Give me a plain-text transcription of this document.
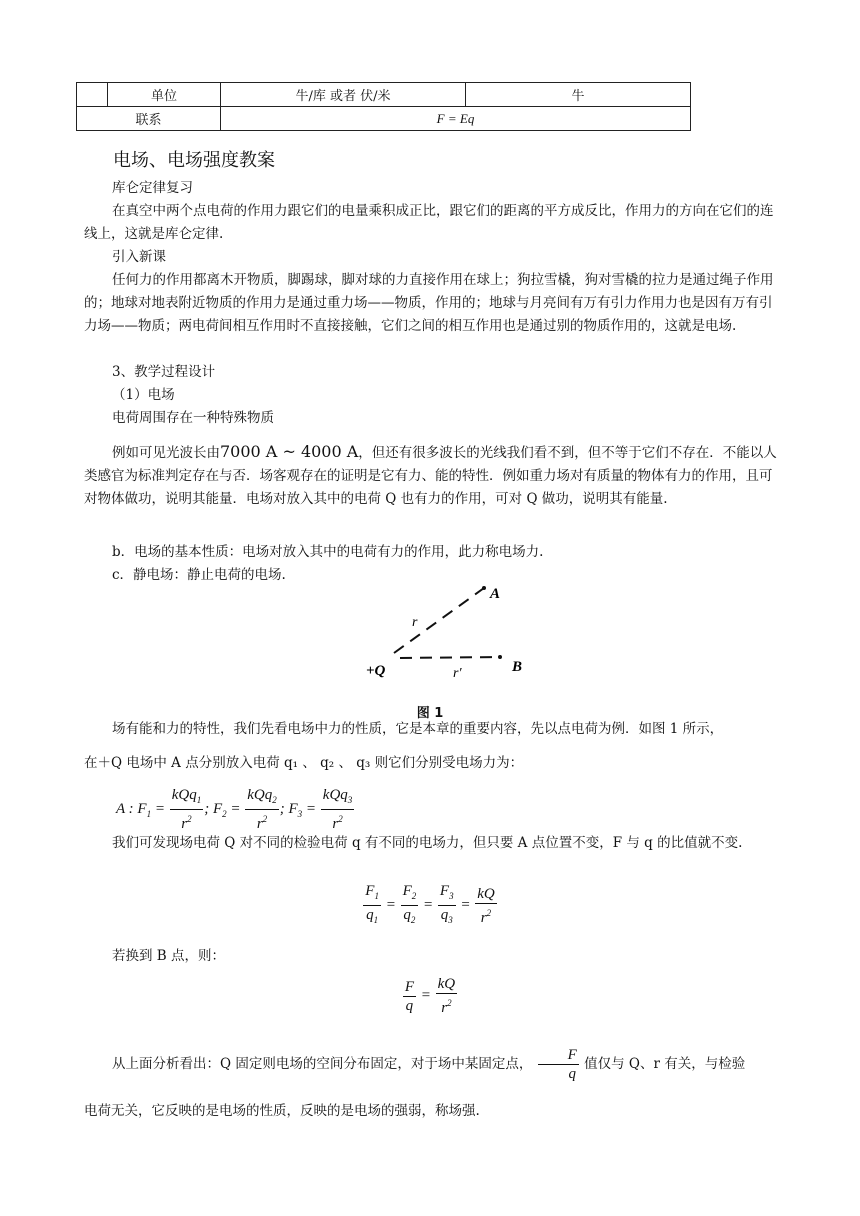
	单位	牛/库 或者 伏/米	牛
联系		F = Eq	
电场、电场强度教案

库仑定律复习

在真空中两个点电荷的作用力跟它们的电量乘积成正比，跟它们的距离的平方成反比，作用力的方向在它们的连线上，这就是库仑定律.

引入新课

任何力的作用都离木开物质，脚踢球，脚对球的力直接作用在球上；狗拉雪橇，狗对雪橇的拉力是通过绳子作用的；地球对地表附近物质的作用力是通过重力场——物质，作用的；地球与月亮间有万有引力作用力也是因有万有引力场——物质；两电荷间相互作用时不直接接触，它们之间的相互作用也是通过别的物质作用的，这就是电场.

3、教学过程设计

（1）电场

电荷周围存在一种特殊物质

例如可见光波长由7000 A ~ 4000 A，但还有很多波长的光线我们看不到，但不等于它们不存在．不能以人类感官为标准判定存在与否．场客观存在的证明是它有力、能的特性．例如重力场对有质量的物体有力的作用，且可对物体做功，说明其能量．电场对放入其中的电荷 Q 也有力的作用，可对 Q 做功，说明其有能量.

b．电场的基本性质：电场对放入其中的电荷有力的作用，此力称电场力.

c．静电场：静止电荷的电场.

A
B
r
r′
+Q
图 1

场有能和力的特性，我们先看电场中力的性质，它是本章的重要内容，先以点电荷为例．如图 1 所示，

在＋Q 电场中 A 点分别放入电荷 q₁ 、 q₂ 、 q₃ 则它们分别受电场力为：

A : $F_1 = \frac{kQq_1}{r^2}$ ; $F_2 = \frac{kQq_2}{r^2}$ ; $F_3 = \frac{kQq_3}{r^2}$

我们可发现场电荷 Q 对不同的检验电荷 q 有不同的电场力，但只要 A 点位置不变，F 与 q 的比值就不变.

$\frac{F_1}{q_1} = \frac{F_2}{q_2} = \frac{F_3}{q_3} = \frac{kQ}{r^2}$

若换到 B 点，则：

$\frac{F}{q} = \frac{kQ}{r^2}$
从上面分析看出：Q 固定则电场的空间分布固定，对于场中某固定点， $\frac{F}{q}$ 值仅与 Q、r 有关，与检验

电荷无关，它反映的是电场的性质，反映的是电场的强弱，称场强.
